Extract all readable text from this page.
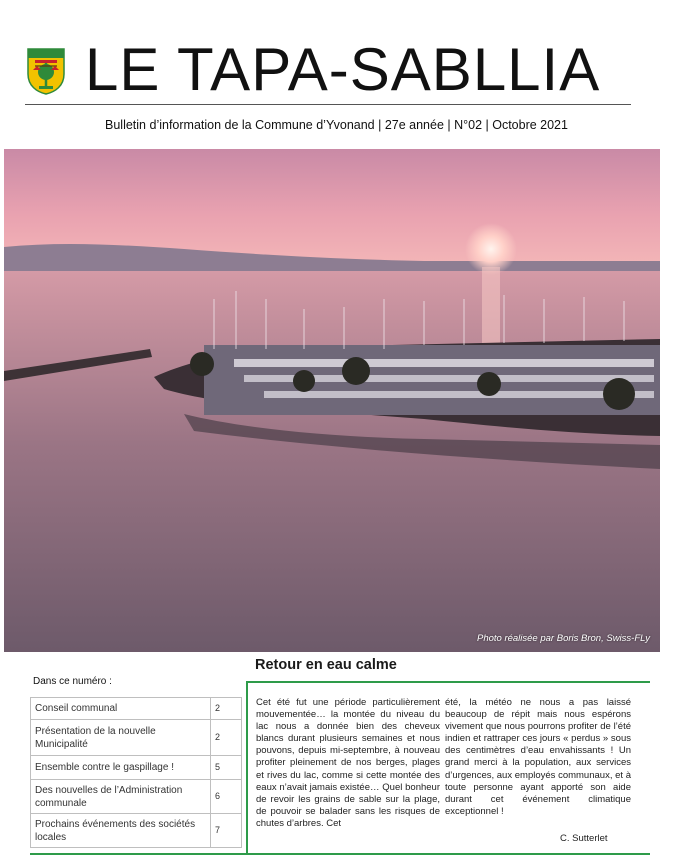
LE TAPA-SABLLIA
Bulletin d’information de la Commune d’Yvonand | 27e année | N°02 | Octobre 2021
Photo réalisée par Boris Bron, Swiss-FLy
Dans ce numéro :
Conseil communal	2
Présentation de la nouvelle Municipalité	2
Ensemble contre le gaspillage !	5
Des nouvelles de l’Administration communale	6
Prochains événements des sociétés locales	7
Retour en eau calme
Cet été fut une période particulièrement mouvementée… la montée du niveau du lac nous a donnée bien des cheveux blancs durant plusieurs semaines et nous pouvons, depuis mi-septembre, à nouveau profiter pleinement de nos berges, plages et rives du lac, comme si cette montée des eaux n’avait jamais existée… Quel bonheur de revoir les grains de sable sur la plage, de pouvoir se balader sans les risques de chutes d’arbres. Cet
été, la météo ne nous a pas laissé beaucoup de répit mais nous espérons vivement que nous pourrons profiter de l’été indien et rattraper ces jours « perdus » sous des centimètres d’eau envahissants ! Un grand merci à la population, aux services d’urgences, aux employés communaux, et à toute personne ayant apporté son aide durant cet événement climatique exceptionnel !
C. Sutterlet
